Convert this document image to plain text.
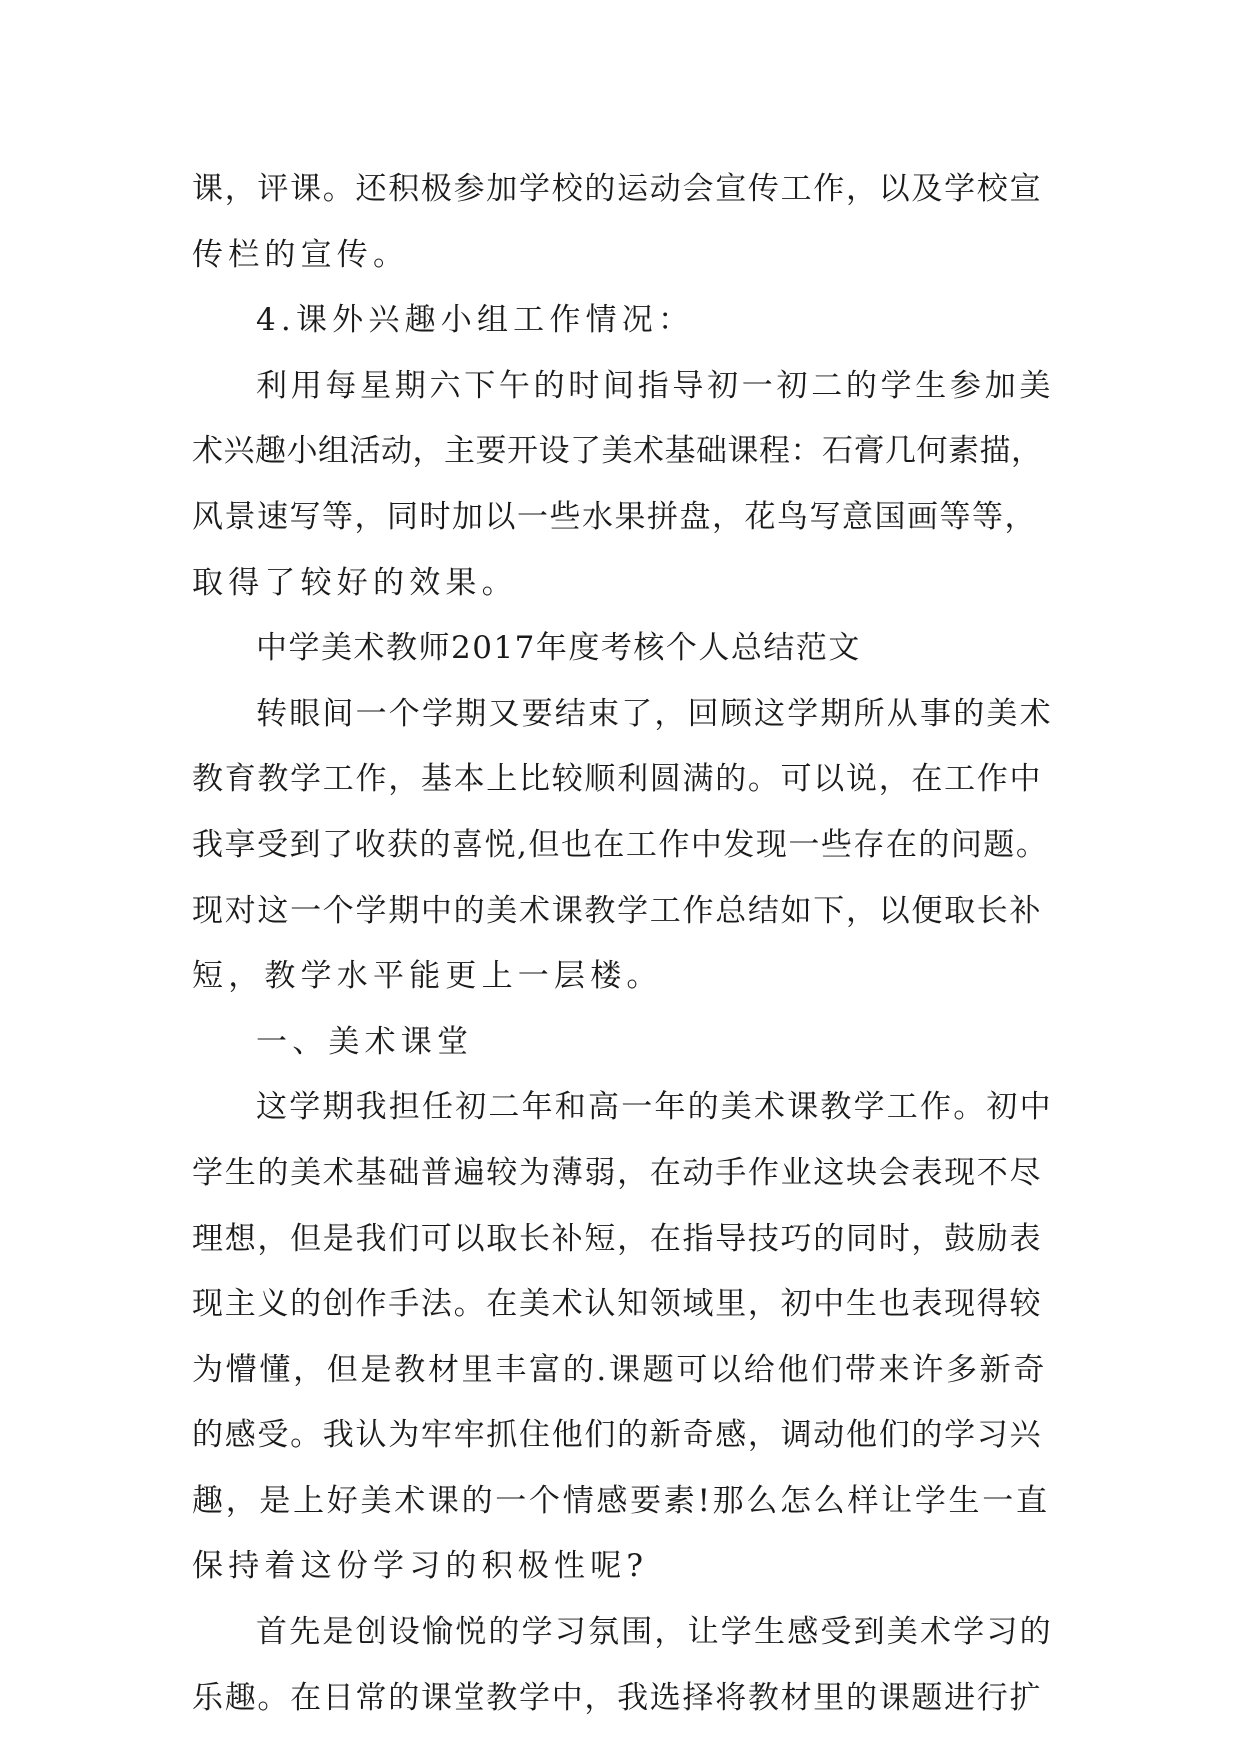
课，评课。还积极参加学校的运动会宣传工作，以及学校宣
传栏的宣传。
4.课外兴趣小组工作情况：
利用每星期六下午的时间指导初一初二的学生参加美
术兴趣小组活动，主要开设了美术基础课程：石膏几何素描，
风景速写等，同时加以一些水果拼盘，花鸟写意国画等等，
取得了较好的效果。
中学美术教师2017年度考核个人总结范文
转眼间一个学期又要结束了，回顾这学期所从事的美术
教育教学工作，基本上比较顺利圆满的。可以说，在工作中
我享受到了收获的喜悦,但也在工作中发现一些存在的问题。
现对这一个学期中的美术课教学工作总结如下，以便取长补
短，教学水平能更上一层楼。
一、美术课堂
这学期我担任初二年和高一年的美术课教学工作。初中
学生的美术基础普遍较为薄弱，在动手作业这块会表现不尽
理想，但是我们可以取长补短，在指导技巧的同时，鼓励表
现主义的创作手法。在美术认知领域里，初中生也表现得较
为懵懂，但是教材里丰富的.课题可以给他们带来许多新奇
的感受。我认为牢牢抓住他们的新奇感，调动他们的学习兴
趣，是上好美术课的一个情感要素!那么怎么样让学生一直
保持着这份学习的积极性呢?
首先是创设愉悦的学习氛围，让学生感受到美术学习的
乐趣。在日常的课堂教学中，我选择将教材里的课题进行扩
